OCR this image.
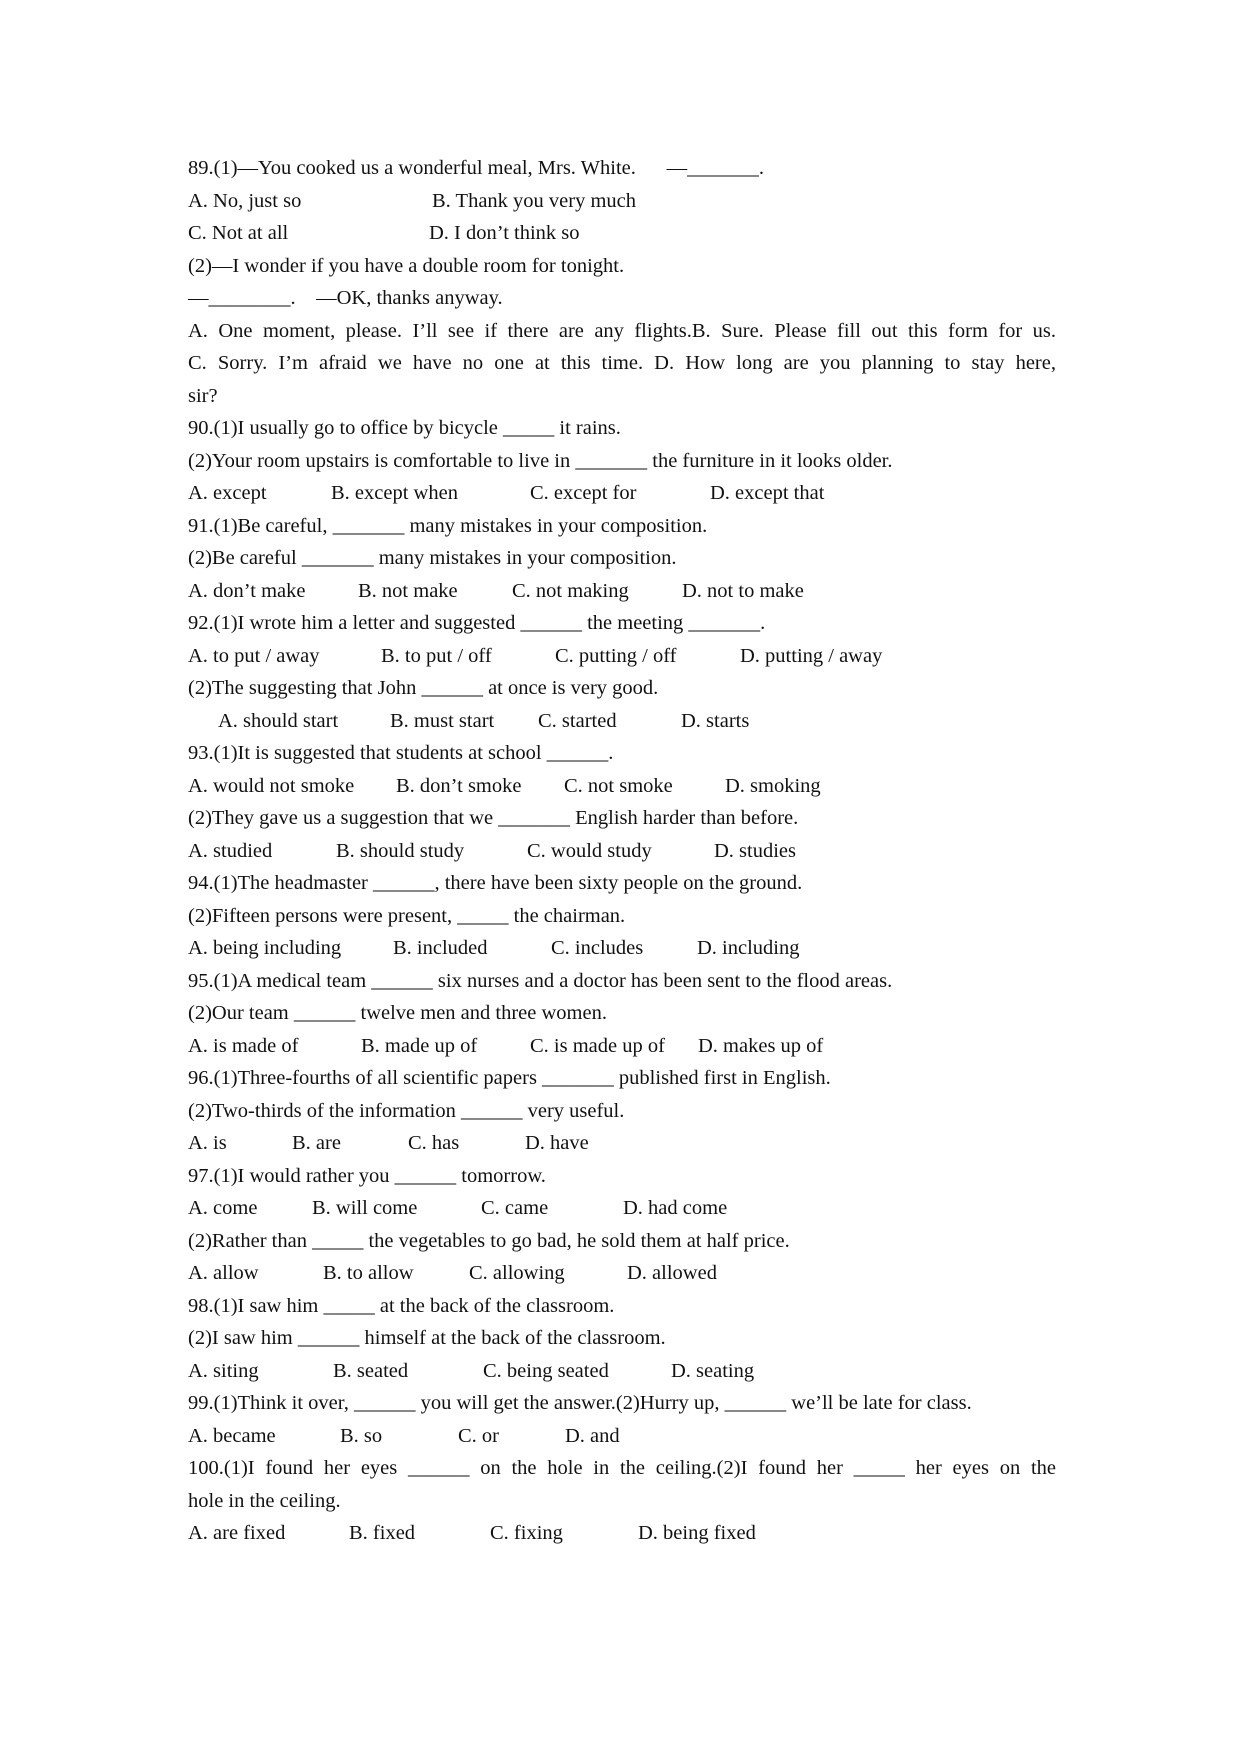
89.(1)—You cooked us a wonderful meal, Mrs. White.      —_______.
A. No, just so	B. Thank you very much
C. Not at all	D. I don’t think so
(2)—I wonder if you have a double room for tonight.
—________.    —OK, thanks anyway.
A. One moment, please. I’ll see if there are any flights.B. Sure. Please fill out this form for us.
C. Sorry. I’m afraid we have no one at this time. D. How long are you planning to stay here,
sir?
90.(1)I usually go to office by bicycle _____ it rains.
(2)Your room upstairs is comfortable to live in _______ the furniture in it looks older.
A. except	B. except when	C. except for	D. except that
91.(1)Be careful, _______ many mistakes in your composition.
(2)Be careful _______ many mistakes in your composition.
A. don’t make	B. not make	C. not making	D. not to make
92.(1)I wrote him a letter and suggested ______ the meeting _______.
A. to put / away	B. to put / off	C. putting / off	D. putting / away
(2)The suggesting that John ______ at once is very good.
A. should start	B. must start C. started	D. starts
93.(1)It is suggested that students at school ______.
A. would not smoke B. don’t smoke C. not smoke	D. smoking
(2)They gave us a suggestion that we _______ English harder than before.
A. studied	B. should study	C. would study	D. studies
94.(1)The headmaster ______, there have been sixty people on the ground.
(2)Fifteen persons were present, _____ the chairman.
A. being including	B. included	C. includes	D. including
95.(1)A medical team ______ six nurses and a doctor has been sent to the flood areas.
(2)Our team ______ twelve men and three women.
A. is made of	B. made up of	C. is made up of D. makes up of
96.(1)Three-fourths of all scientific papers _______ published first in English.
(2)Two-thirds of the information ______ very useful.
A. is	B. are	C. has	D. have
97.(1)I would rather you ______ tomorrow.
A. come	B. will come	C. came	D. had come
(2)Rather than _____ the vegetables to go bad, he sold them at half price.
A. allow	B. to allow	C. allowing	D. allowed
98.(1)I saw him _____ at the back of the classroom.
(2)I saw him ______ himself at the back of the classroom.
A. siting	B. seated	C. being seated	D. seating
99.(1)Think it over, ______ you will get the answer.(2)Hurry up, ______ we’ll be late for class.
A. became	B. so	C. or	D. and
100.(1)I found her eyes ______ on the hole in the ceiling.(2)I found her _____ her eyes on the
hole in the ceiling.
A. are fixed	B. fixed	C. fixing	D. being fixed
